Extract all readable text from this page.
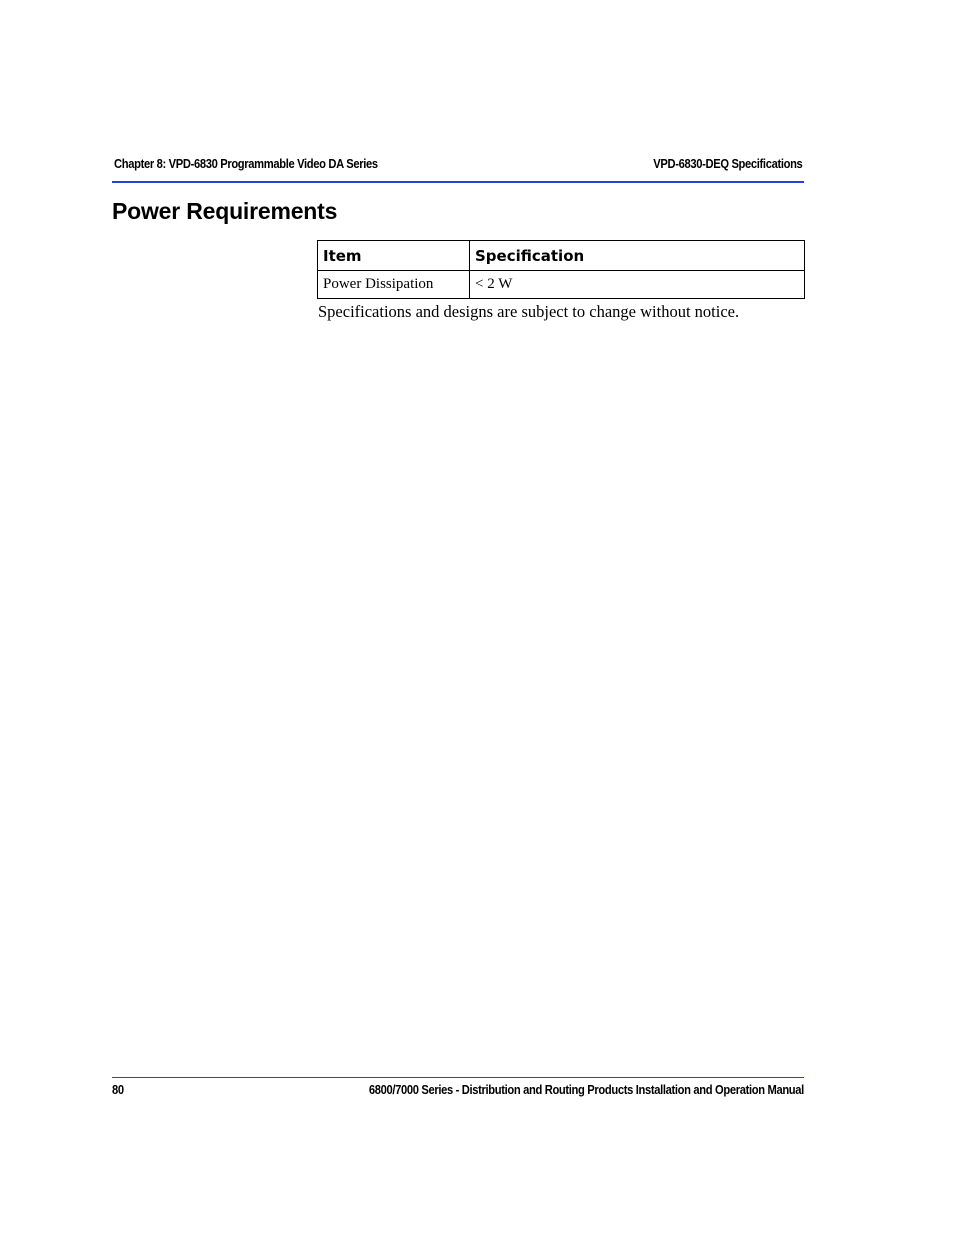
Chapter 8: VPD-6830 Programmable Video DA Series	VPD-6830-DEQ Specifications
Power Requirements
Item	Specification
Power Dissipation	< 2 W
Specifications and designs are subject to change without notice.
80	6800/7000 Series - Distribution and Routing Products Installation and Operation Manual
